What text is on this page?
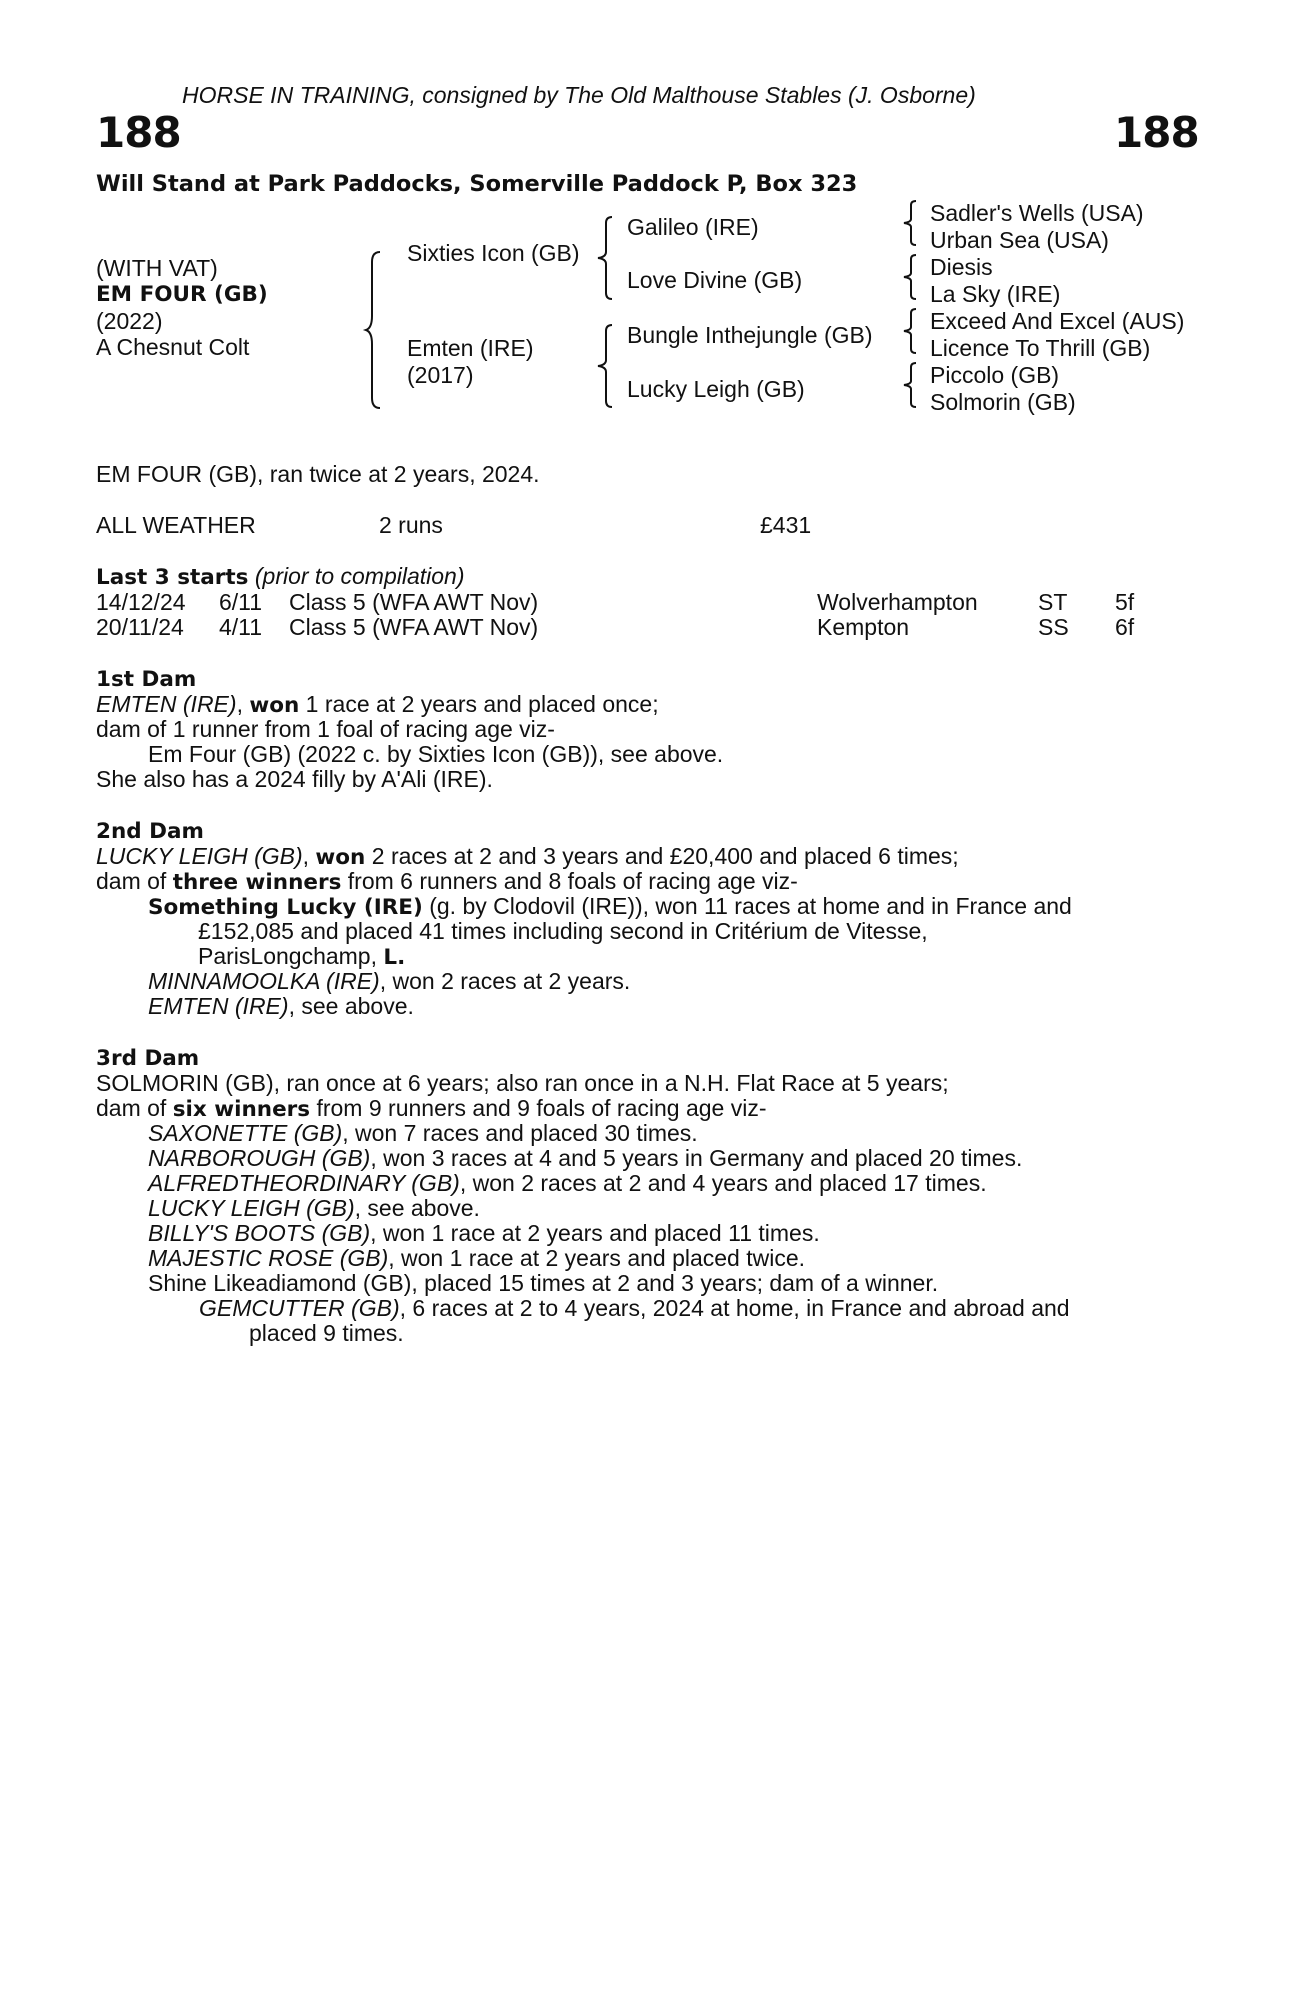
HORSE IN TRAINING, consigned by The Old Malthouse Stables (J. Osborne)
188	188
Will Stand at Park Paddocks, Somerville Paddock P, Box 323
(WITH VAT)
EM FOUR (GB)
(2022)
A Chesnut Colt
Sixties Icon (GB)
Emten (IRE)
(2017)
Galileo (IRE)
Love Divine (GB)
Bungle Inthejungle (GB)
Lucky Leigh (GB)
Sadler's Wells (USA)
Urban Sea (USA)
Diesis
La Sky (IRE)
Exceed And Excel (AUS)
Licence To Thrill (GB)
Piccolo (GB)
Solmorin (GB)
EM FOUR (GB), ran twice at 2 years, 2024.
ALL WEATHER	2 runs	£431
Last 3 starts (prior to compilation)
14/12/24 6/11 Class 5 (WFA AWT Nov)	Wolverhampton	ST 5f
20/11/24 4/11 Class 5 (WFA AWT Nov)	Kempton	SS 6f
1st Dam
EMTEN (IRE), won 1 race at 2 years and placed once;
dam of 1 runner from 1 foal of racing age viz-
Em Four (GB) (2022 c. by Sixties Icon (GB)), see above.
She also has a 2024 filly by A'Ali (IRE).
2nd Dam
LUCKY LEIGH (GB), won 2 races at 2 and 3 years and £20,400 and placed 6 times;
dam of three winners from 6 runners and 8 foals of racing age viz-
Something Lucky (IRE) (g. by Clodovil (IRE)), won 11 races at home and in France and
£152,085 and placed 41 times including second in Critérium de Vitesse,
ParisLongchamp, L.
MINNAMOOLKA (IRE), won 2 races at 2 years.
EMTEN (IRE), see above.
3rd Dam
SOLMORIN (GB), ran once at 6 years; also ran once in a N.H. Flat Race at 5 years;
dam of six winners from 9 runners and 9 foals of racing age viz-
SAXONETTE (GB), won 7 races and placed 30 times.
NARBOROUGH (GB), won 3 races at 4 and 5 years in Germany and placed 20 times.
ALFREDTHEORDINARY (GB), won 2 races at 2 and 4 years and placed 17 times.
LUCKY LEIGH (GB), see above.
BILLY'S BOOTS (GB), won 1 race at 2 years and placed 11 times.
MAJESTIC ROSE (GB), won 1 race at 2 years and placed twice.
Shine Likeadiamond (GB), placed 15 times at 2 and 3 years; dam of a winner.
GEMCUTTER (GB), 6 races at 2 to 4 years, 2024 at home, in France and abroad and
placed 9 times.
